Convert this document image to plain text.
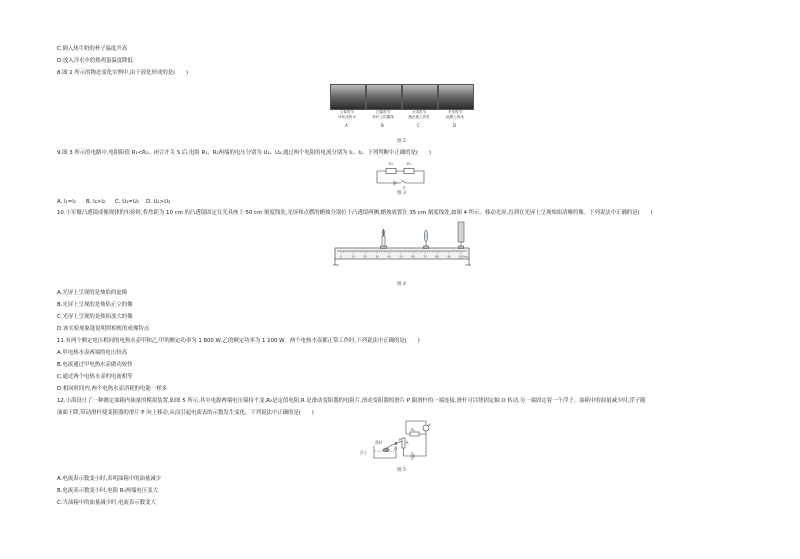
C.倒入热牛奶的杯子温度升高
D.放入冷水中的热鸡蛋温度降低
8.图 2 所示的物态变化实例中,由于液化形成的是(　　)
立春时节
冰化成的水
白露时节
草叶上的露珠
大雪时节
落在地上的雪
冬至时节
池塘上的冰
A	B	C	D
图 2
9.图 3 所示的电路中,电阻阻值 R₁<R₂。闭合开关 S 后,电阻 R₁、R₂两端的电压分别为 U₁、U₂,通过两个电阻的电流分别为 I₁、I₂。下列判断中正确的是(　　)
R₁	R₂
S
图 3
A. I₁=I₂ B. I₁>I₂ C. U₁=U₂ D. U₁>U₂
10.小军做凸透镜成像规律的实验时,将焦距为 10 cm 的凸透镜固定在光具座上 50 cm 刻度线处,光屏和点燃的蜡烛分别位于凸透镜两侧,蜡烛放置在 35 cm 刻度线处,如图 4 所示。移动光屏,直到在光屏上呈现烛焰清晰的像。下列说法中正确的是(　　)
0	10	20	30	40	50	60	70	80	90	100 cm
图 4
A.光屏上呈现的是烛焰的虚像
B.光屏上呈现的是烛焰正立的像
C.光屏上呈现的是烛焰放大的像
D.该实验现象能说明照相机的成像特点
11.有两个额定电压相同的电热水壶甲和乙,甲的额定功率为 1 800 W,乙的额定功率为 1 200 W。两个电热水壶都正常工作时,下列说法中正确的是(　　)
A.甲电热水壶两端的电压较高
B.电流通过甲电热水壶做功较快
C.通过两个电热水壶的电流相等
D.相同时间内,两个电热水壶消耗的电能一样多
12.小海设计了一种测定油箱内油量的模拟装置,如图 5 所示,其中电源两端电压保持不变,R₀是定值电阻,R 是滑动变阻器的电阻片,滑动变阻器的滑片 P 跟滑杆的一端连接,滑杆可以绕固定轴 O 转动,另一端固定着一个浮子。油箱中的油量减少时,浮子随
油面下降,带动滑杆使变阻器的滑片 P 向上移动,从而引起电流表的示数发生变化。下列说法中正确的是(　　)
A
R₀
R
P
O
滑杆
浮子
图 5
A.电流表示数变小时,表明油箱中的油量减少
B.电流表示数变小时,电阻 R₀两端电压变大
C.当油箱中的油量减少时,电流表示数变大
